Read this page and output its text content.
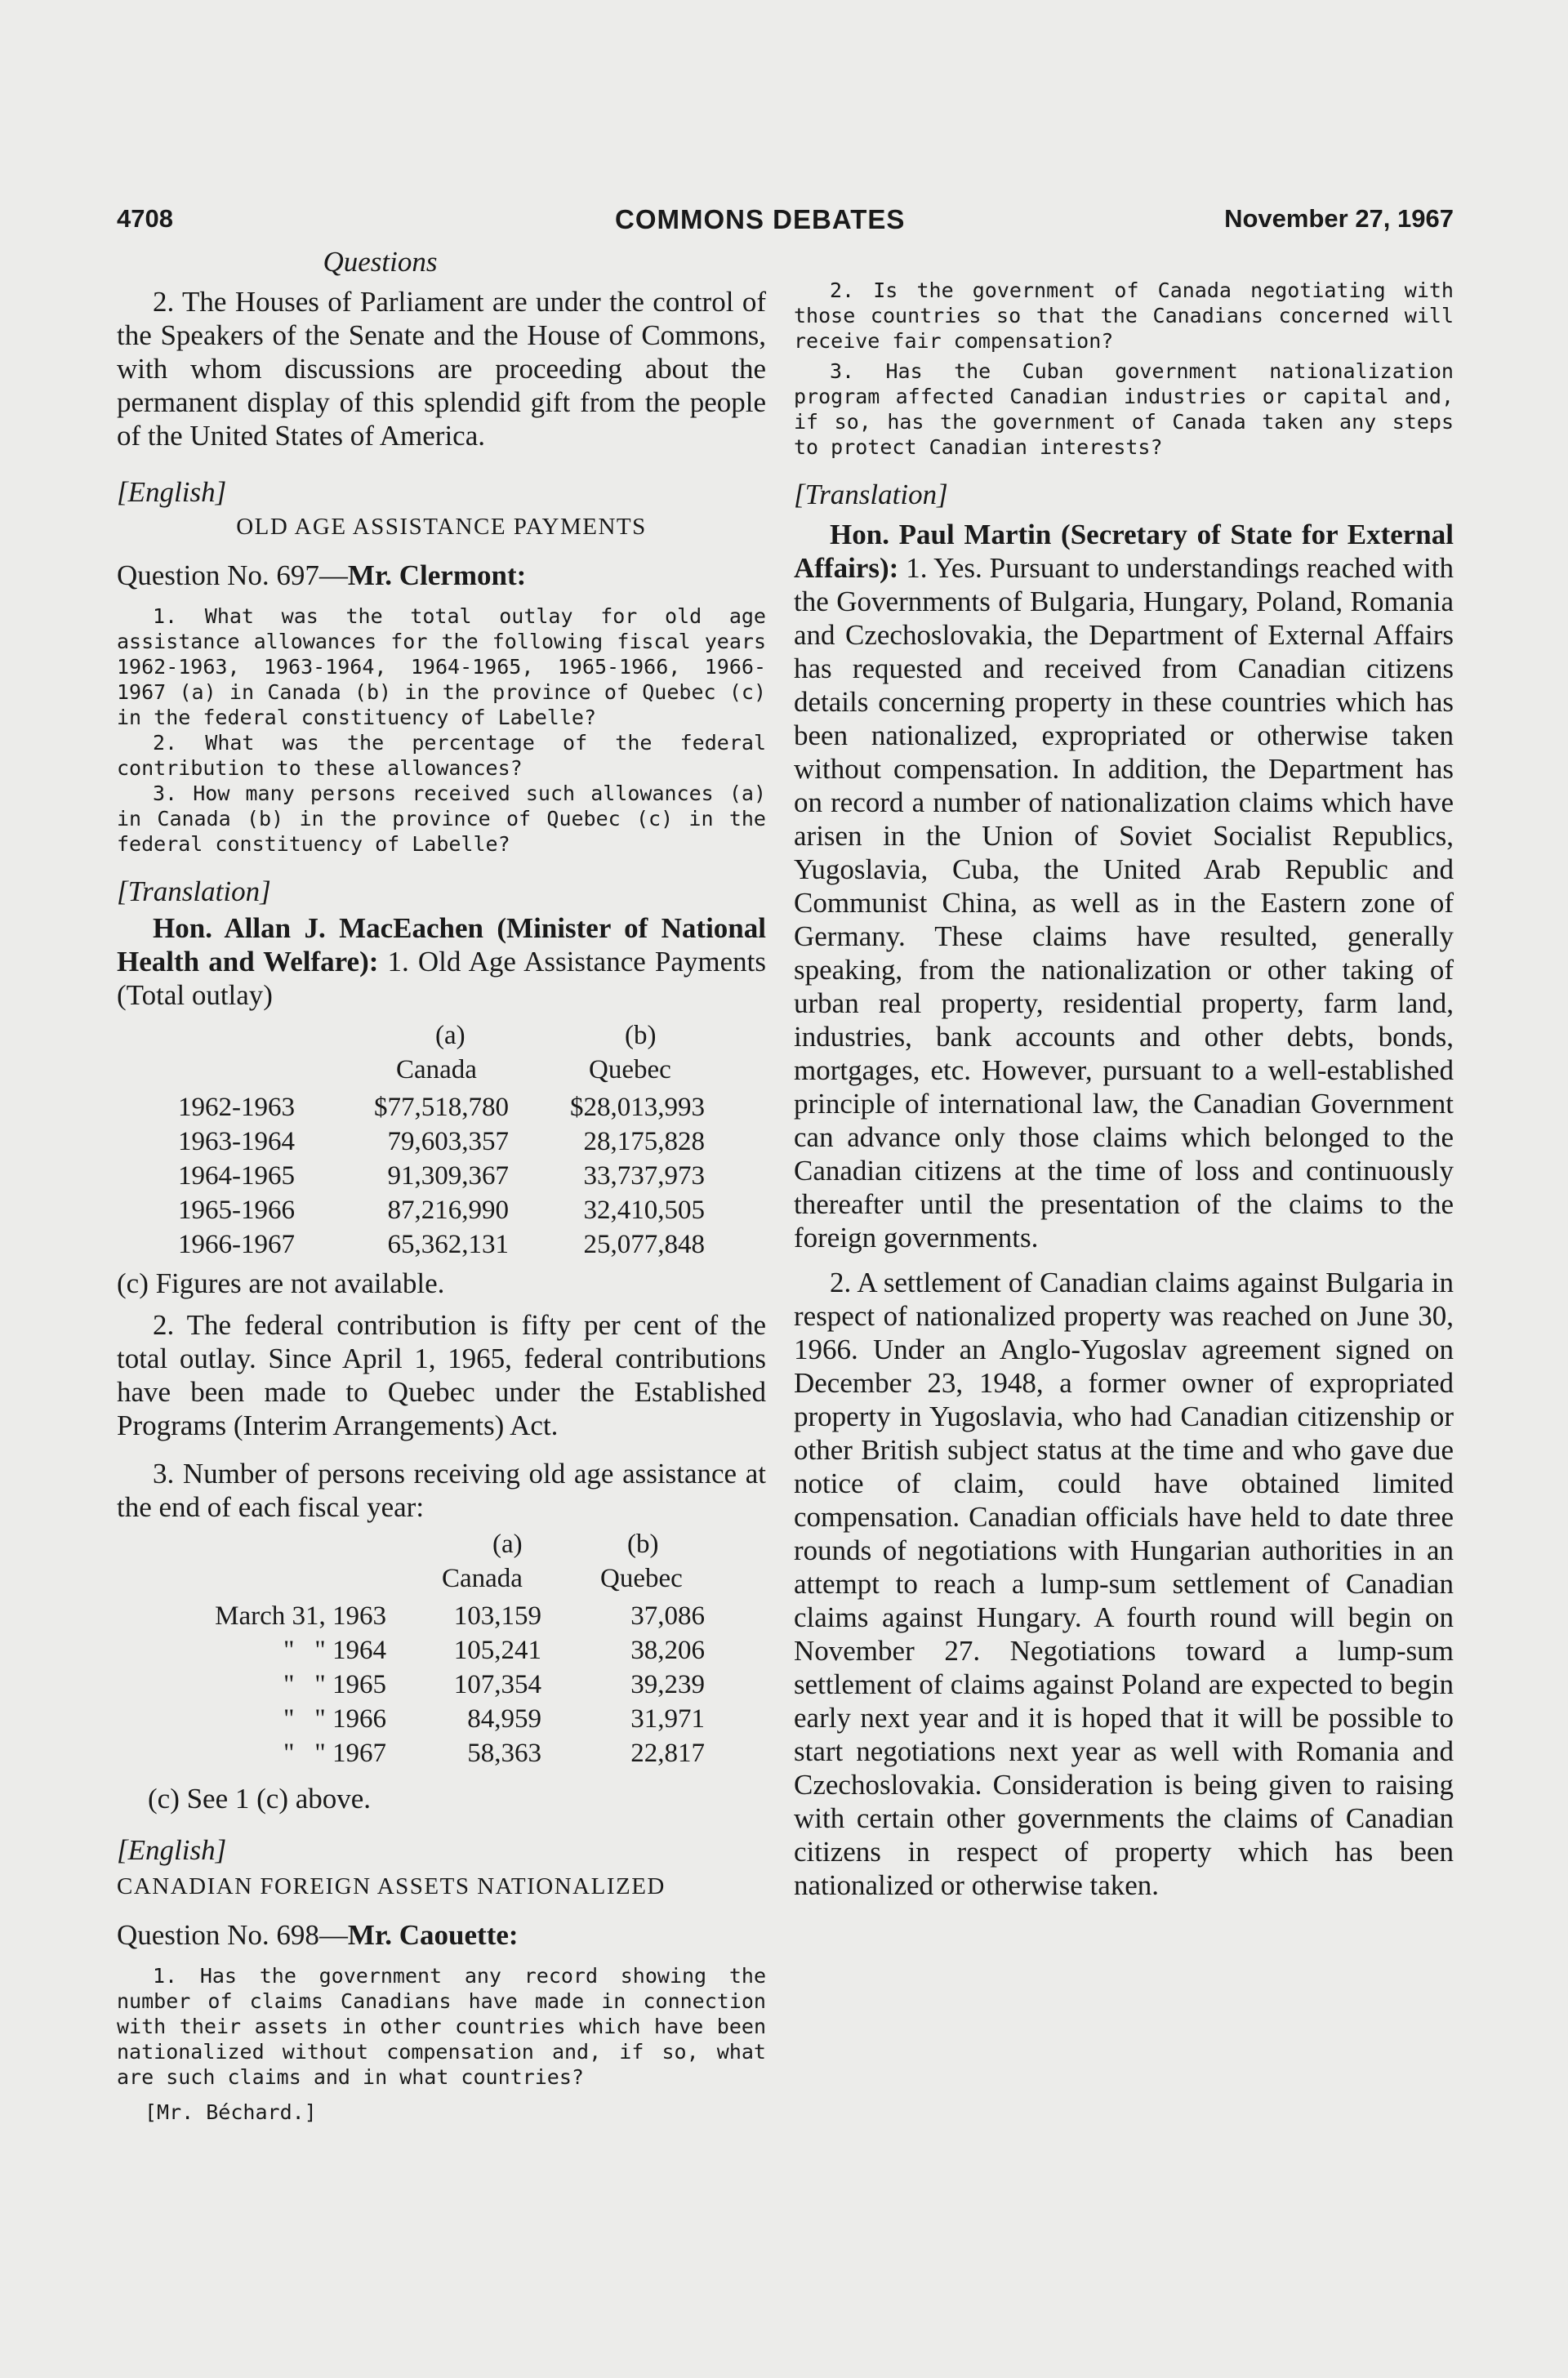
4708	COMMONS DEBATES	November 27, 1967

Questions

2. The Houses of Parliament are under the control of the Speakers of the Senate and the House of Commons, with whom discussions are proceeding about the permanent display of this splendid gift from the people of the United States of America.

[English]

OLD AGE ASSISTANCE PAYMENTS

Question No. 697—Mr. Clermont:

1. What was the total outlay for old age assistance allowances for the following fiscal years 1962-1963, 1963-1964, 1964-1965, 1965-1966, 1966-1967 (a) in Canada (b) in the province of Quebec (c) in the federal constituency of Labelle?

2. What was the percentage of the federal contribution to these allowances?

3. How many persons received such allowances (a) in Canada (b) in the province of Quebec (c) in the federal constituency of Labelle?

[Translation]

Hon. Allan J. MacEachen (Minister of National Health and Welfare): 1. Old Age Assistance Payments (Total outlay)

(a)	(b)
Canada	Quebec
1962-1963	$77,518,780	$28,013,993
1963-1964	79,603,357	28,175,828
1964-1965	91,309,367	33,737,973
1965-1966	87,216,990	32,410,505
1966-1967	65,362,131	25,077,848

(c) Figures are not available.

2. The federal contribution is fifty per cent of the total outlay. Since April 1, 1965, federal contributions have been made to Quebec under the Established Programs (Interim Arrangements) Act.

3. Number of persons receiving old age assistance at the end of each fiscal year:

(a)	(b)
Canada	Quebec
March 31, 1963	103,159	37,086
"   " 1964	105,241	38,206
"   " 1965	107,354	39,239
"   " 1966	84,959	31,971
"   " 1967	58,363	22,817

(c) See 1 (c) above.

[English]

CANADIAN FOREIGN ASSETS NATIONALIZED

Question No. 698—Mr. Caouette:

1. Has the government any record showing the number of claims Canadians have made in connection with their assets in other countries which have been nationalized without compensation and, if so, what are such claims and in what countries?

[Mr. Béchard.]

2. Is the government of Canada negotiating with those countries so that the Canadians concerned will receive fair compensation?

3. Has the Cuban government nationalization program affected Canadian industries or capital and, if so, has the government of Canada taken any steps to protect Canadian interests?

[Translation]

Hon. Paul Martin (Secretary of State for External Affairs): 1. Yes. Pursuant to understandings reached with the Governments of Bulgaria, Hungary, Poland, Romania and Czechoslovakia, the Department of External Affairs has requested and received from Canadian citizens details concerning property in these countries which has been nationalized, expropriated or otherwise taken without compensation. In addition, the Department has on record a number of nationalization claims which have arisen in the Union of Soviet Socialist Republics, Yugoslavia, Cuba, the United Arab Republic and Communist China, as well as in the Eastern zone of Germany. These claims have resulted, generally speaking, from the nationalization or other taking of urban real property, residential property, farm land, industries, bank accounts and other debts, bonds, mortgages, etc. However, pursuant to a well-established principle of international law, the Canadian Government can advance only those claims which belonged to the Canadian citizens at the time of loss and continuously thereafter until the presentation of the claims to the foreign governments.

2. A settlement of Canadian claims against Bulgaria in respect of nationalized property was reached on June 30, 1966. Under an Anglo-Yugoslav agreement signed on December 23, 1948, a former owner of expropriated property in Yugoslavia, who had Canadian citizenship or other British subject status at the time and who gave due notice of claim, could have obtained limited compensation. Canadian officials have held to date three rounds of negotiations with Hungarian authorities in an attempt to reach a lump-sum settlement of Canadian claims against Hungary. A fourth round will begin on November 27. Negotiations toward a lump-sum settlement of claims against Poland are expected to begin early next year and it is hoped that it will be possible to start negotiations next year as well with Romania and Czechoslovakia. Consideration is being given to raising with certain other governments the claims of Canadian citizens in respect of property which has been nationalized or otherwise taken.
